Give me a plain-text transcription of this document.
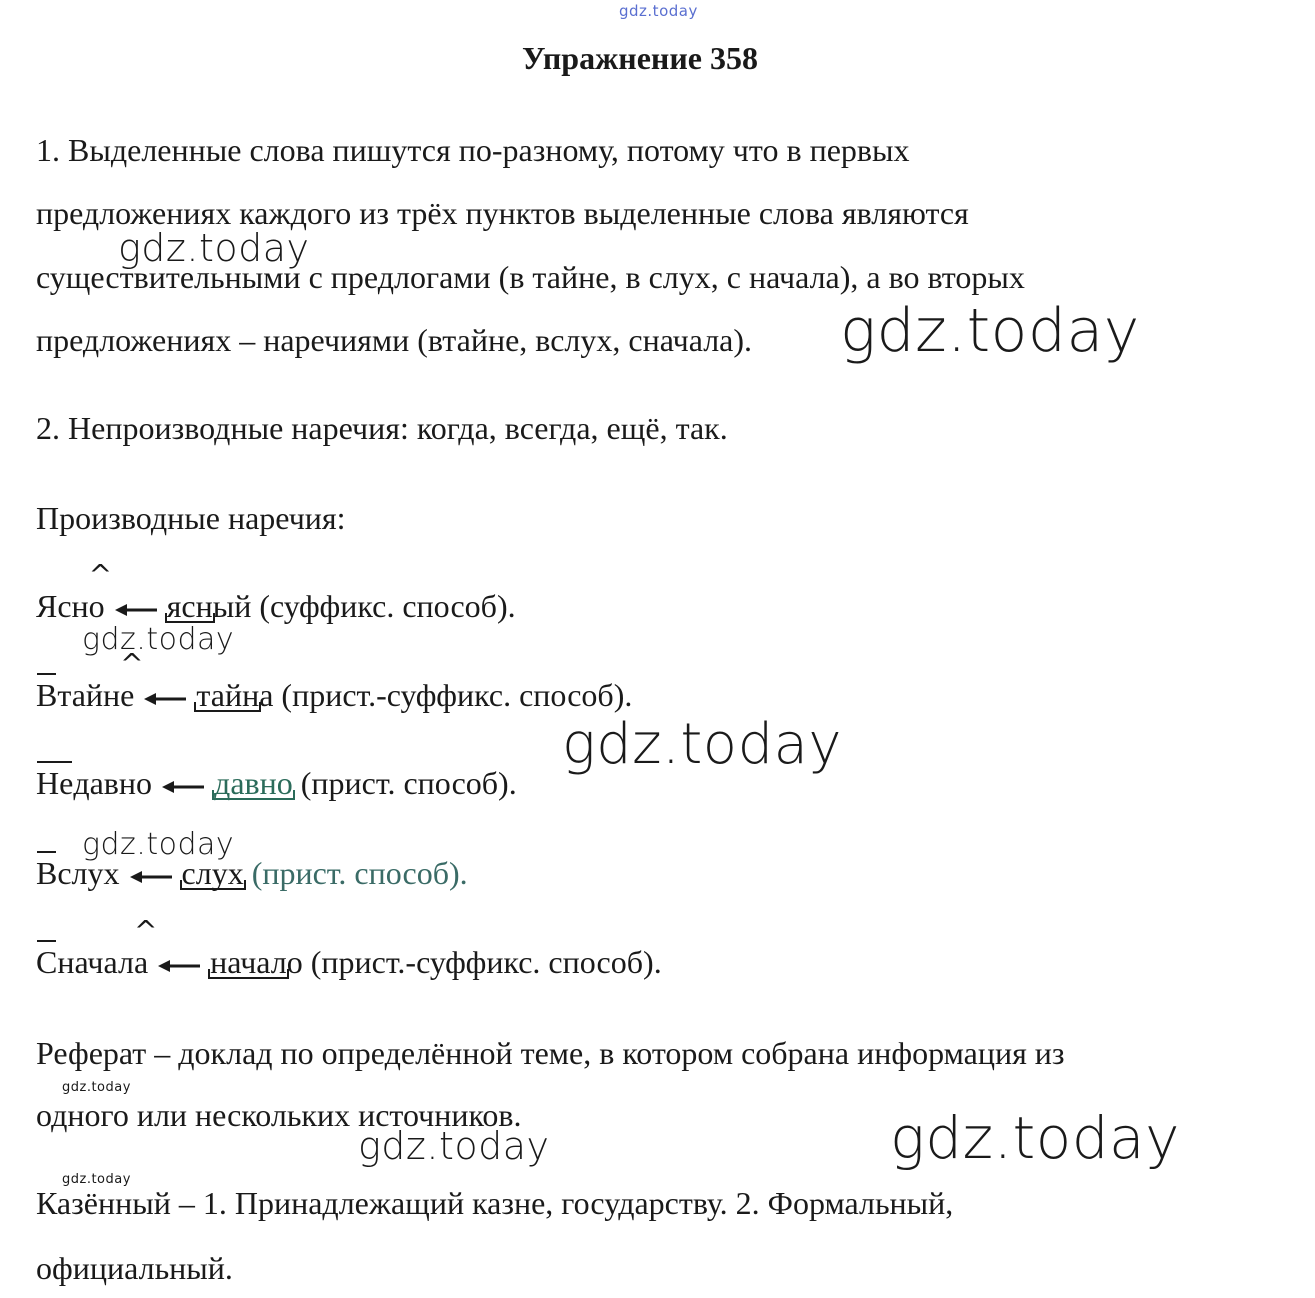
gdz.today
gdz.today
gdz.today
gdz.today
gdz.today
gdz.today
gdz.today
gdz.today	gdz.today
gdz.today
Упражнение 358
1. Выделенные слова пишутся по-разному, потому что в первых
предложениях каждого из трёх пунктов выделенные слова являются
существительными с предлогами (в тайне, в слух, с начала), а во вторых
предложениях – наречиями (втайне, вслух, сначала).
2. Непроизводные наречия: когда, всегда, ещё, так.
Производные наречия:
Ясн^ о ясный (суффикс. способ).
Втайн^ е тайна (прист.-суффикс. способ).
Недавно давно (прист. способ).
Вслух слух (прист. способ).
Сначал^ а начало (прист.-суффикс. способ).
Реферат – доклад по определённой теме, в котором собрана информация из
одного или нескольких источников.
Казённый – 1. Принадлежащий казне, государству. 2. Формальный,
официальный.
